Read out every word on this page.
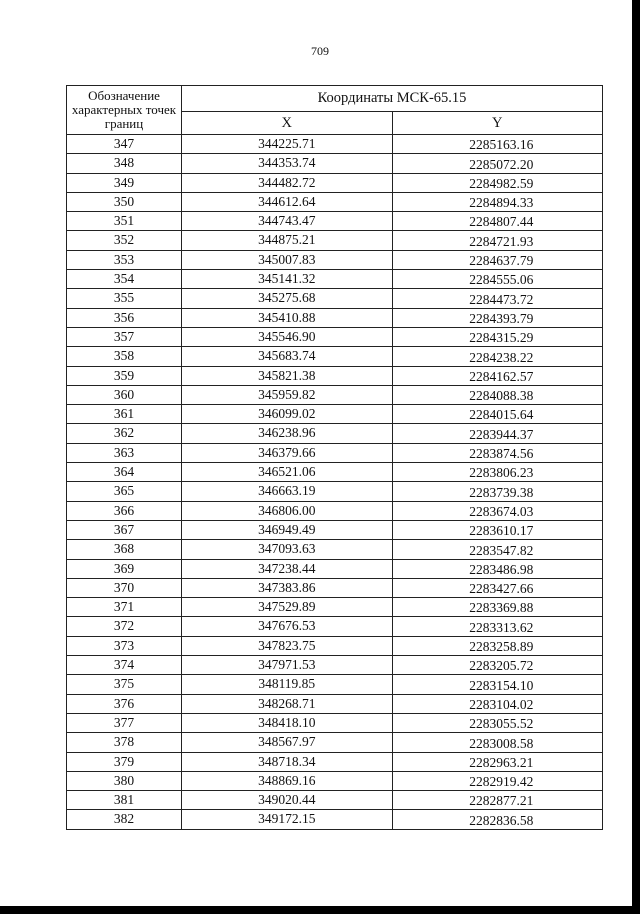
709
Обозначение характерных точек границ	Координаты МСК-65.15	
	X	Y
347	344225.71	2285163.16
348	344353.74	2285072.20
349	344482.72	2284982.59
350	344612.64	2284894.33
351	344743.47	2284807.44
352	344875.21	2284721.93
353	345007.83	2284637.79
354	345141.32	2284555.06
355	345275.68	2284473.72
356	345410.88	2284393.79
357	345546.90	2284315.29
358	345683.74	2284238.22
359	345821.38	2284162.57
360	345959.82	2284088.38
361	346099.02	2284015.64
362	346238.96	2283944.37
363	346379.66	2283874.56
364	346521.06	2283806.23
365	346663.19	2283739.38
366	346806.00	2283674.03
367	346949.49	2283610.17
368	347093.63	2283547.82
369	347238.44	2283486.98
370	347383.86	2283427.66
371	347529.89	2283369.88
372	347676.53	2283313.62
373	347823.75	2283258.89
374	347971.53	2283205.72
375	348119.85	2283154.10
376	348268.71	2283104.02
377	348418.10	2283055.52
378	348567.97	2283008.58
379	348718.34	2282963.21
380	348869.16	2282919.42
381	349020.44	2282877.21
382	349172.15	2282836.58
